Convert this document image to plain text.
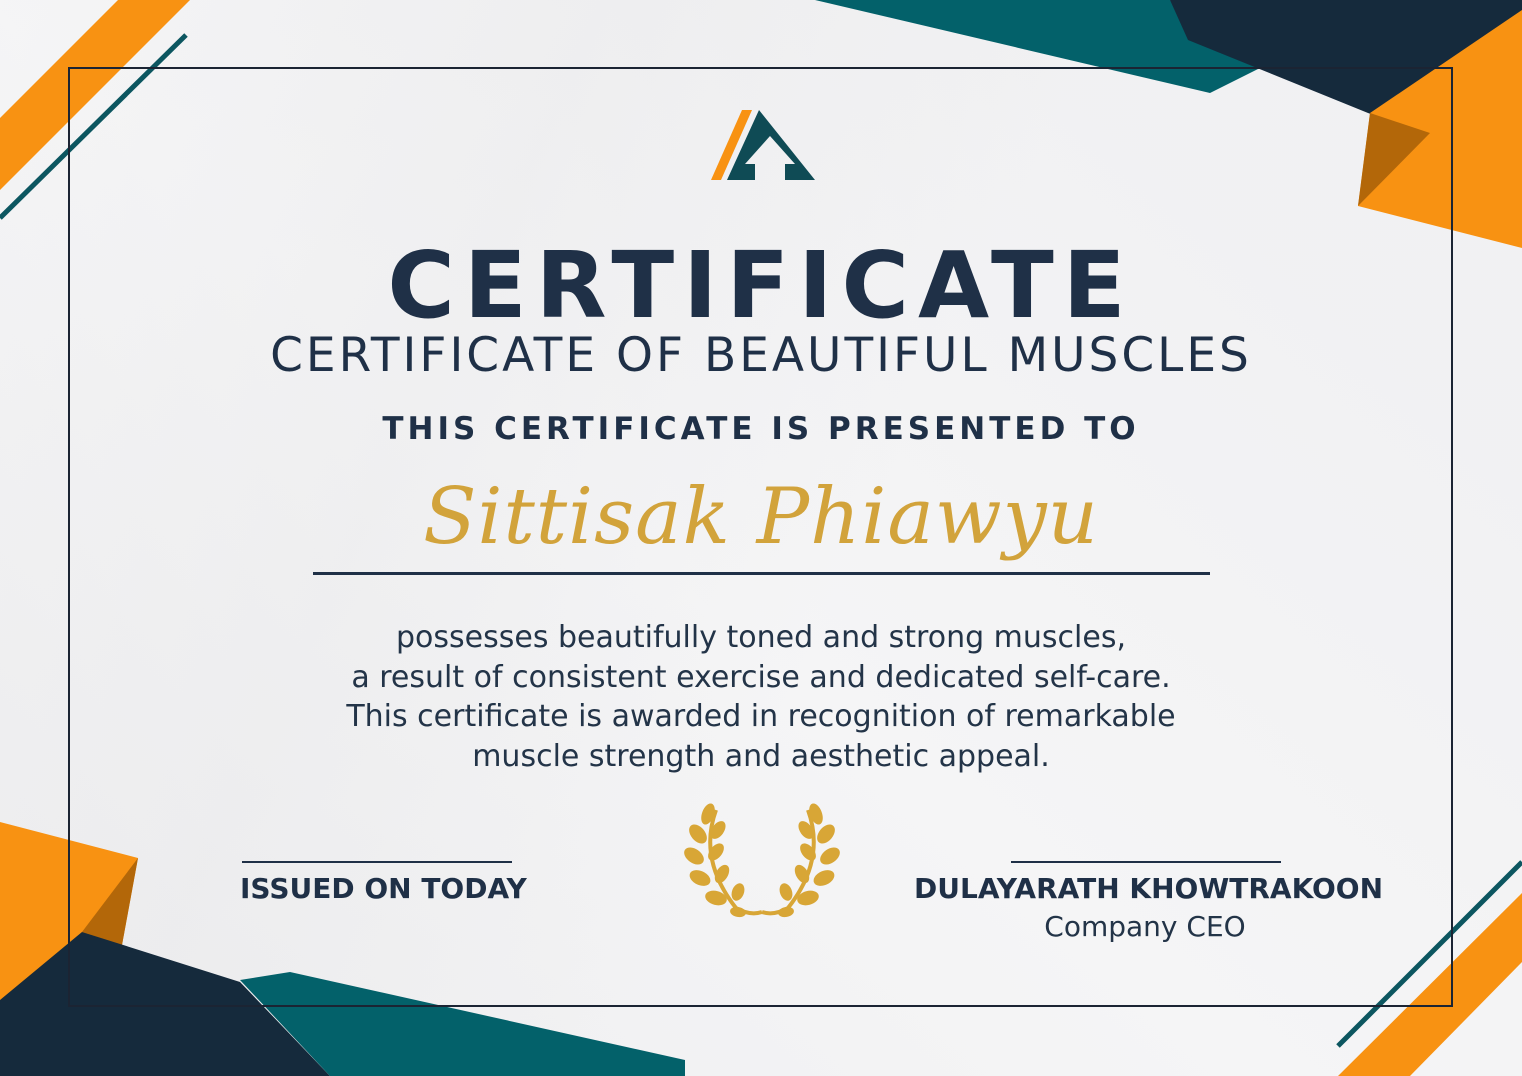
CERTIFICATE
CERTIFICATE OF BEAUTIFUL MUSCLES
THIS CERTIFICATE IS PRESENTED TO
Sittisak Phiawyu
possesses beautifully toned and strong muscles,
a result of consistent exercise and dedicated self-care.
This certificate is awarded in recognition of remarkable
muscle strength and aesthetic appeal.
ISSUED ON TODAY	DULAYARATH KHOWTRAKOON
Company CEO
